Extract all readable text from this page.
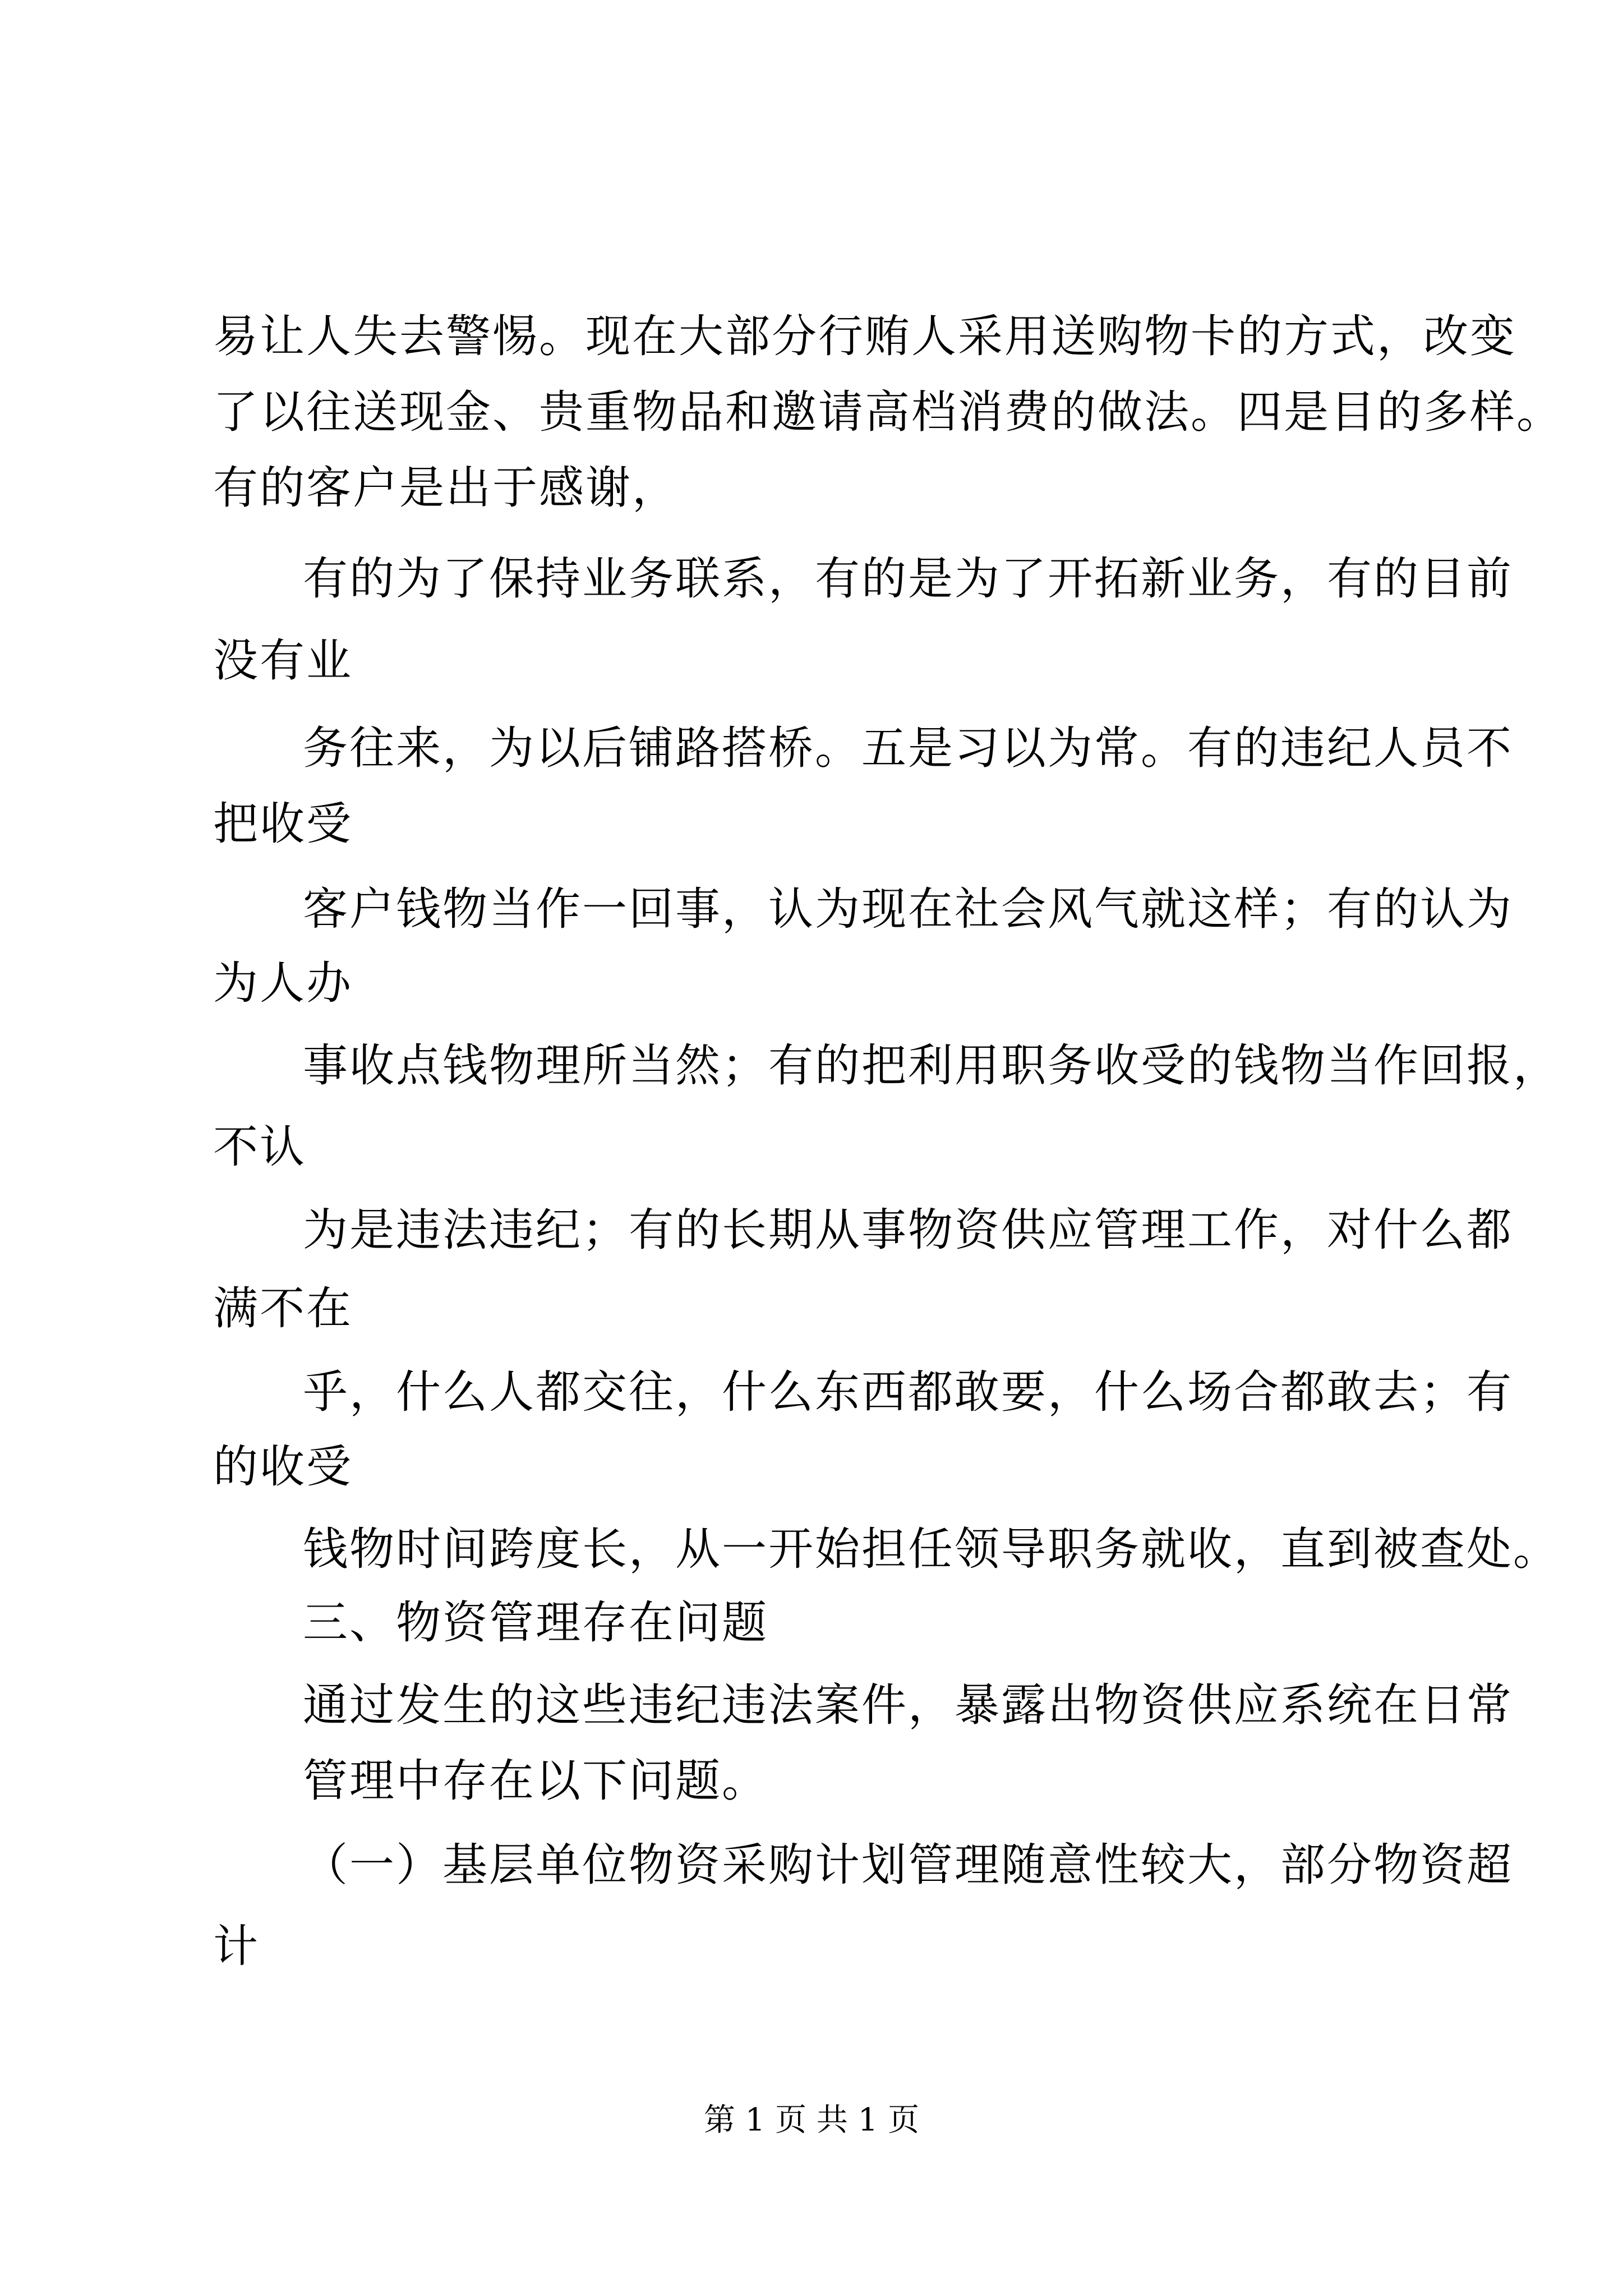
易让人失去警惕。现在大部分行贿人采用送购物卡的方式，改变
了以往送现金、贵重物品和邀请高档消费的做法。四是目的多样。
有的客户是出于感谢，
有的为了保持业务联系，有的是为了开拓新业务，有的目前
没有业
务往来，为以后铺路搭桥。五是习以为常。有的违纪人员不
把收受
客户钱物当作一回事，认为现在社会风气就这样；有的认为
为人办
事收点钱物理所当然；有的把利用职务收受的钱物当作回报，
不认
为是违法违纪；有的长期从事物资供应管理工作，对什么都
满不在
乎，什么人都交往，什么东西都敢要，什么场合都敢去；有
的收受
钱物时间跨度长，从一开始担任领导职务就收，直到被查处。
三、物资管理存在问题
通过发生的这些违纪违法案件，暴露出物资供应系统在日常
管理中存在以下问题。
（一）基层单位物资采购计划管理随意性较大，部分物资超
计
第 1 页 共 1 页
